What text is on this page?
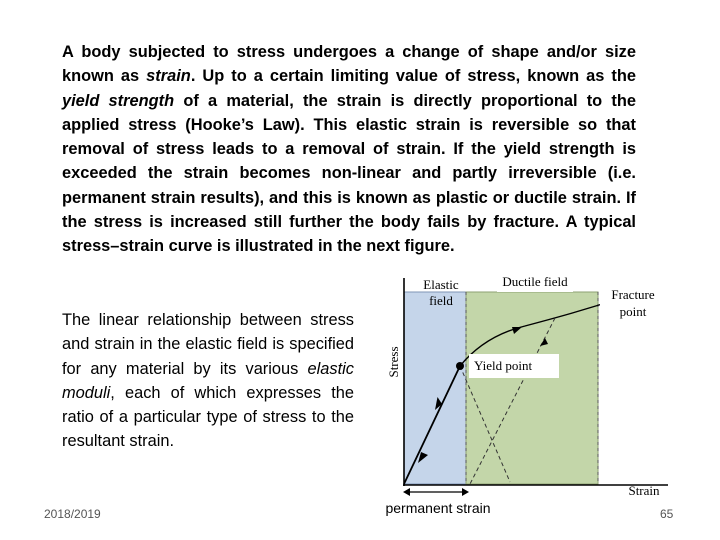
A body subjected to stress undergoes a change of shape and/or size known as strain. Up to a certain limiting value of stress, known as the yield strength of a material, the strain is directly proportional to the applied stress (Hooke’s Law). This elastic strain is reversible so that removal of stress leads to a removal of strain. If the yield strength is exceeded the strain becomes non-linear and partly irreversible (i.e. permanent strain results), and this is known as plastic or ductile strain. If the stress is increased still further the body fails by fracture. A typical stress–strain curve is illustrated in the next figure.
The linear relationship between stress and strain in the elastic field is specified for any material by its various elastic moduli, each of which expresses the ratio of a particular type of stress to the resultant strain.
Elastic
field
Ductile field
Fracture
point
Yield point
Stress
Strain
permanent strain
2018/2019	65
